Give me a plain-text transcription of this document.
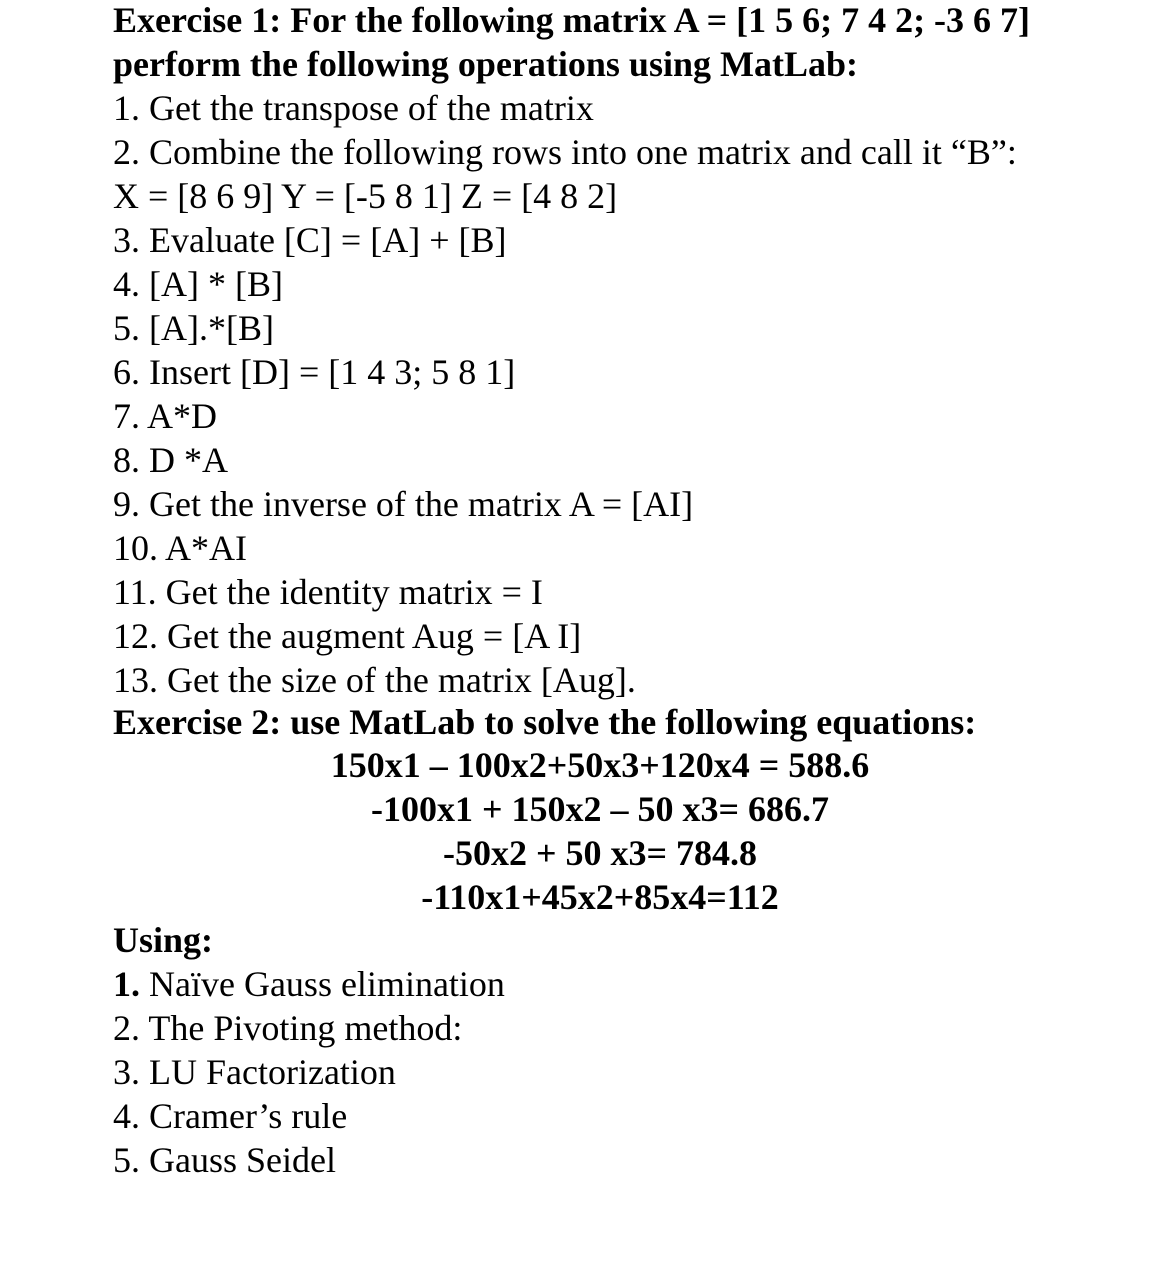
Exercise 1: For the following matrix A = [1 5 6; 7 4 2; -3 6 7]
perform the following operations using MatLab:
1. Get the transpose of the matrix
2. Combine the following rows into one matrix and call it “B”:
X = [8 6 9] Y = [-5 8 1] Z = [4 8 2]
3. Evaluate [C] = [A] + [B]
4. [A] * [B]
5. [A].*[B]
6. Insert [D] = [1 4 3; 5 8 1]
7. A*D
8. D *A
9. Get the inverse of the matrix A = [AI]
10. A*AI
11. Get the identity matrix = I
12. Get the augment Aug = [A I]
13. Get the size of the matrix [Aug].
Exercise 2: use MatLab to solve the following equations:
150x1 – 100x2+50x3+120x4 = 588.6
-100x1 + 150x2 – 50 x3= 686.7
-50x2 + 50 x3= 784.8
-110x1+45x2+85x4=112
Using:
1. Naïve Gauss elimination
2. The Pivoting method:
3. LU Factorization
4. Cramer’s rule
5. Gauss Seidel
